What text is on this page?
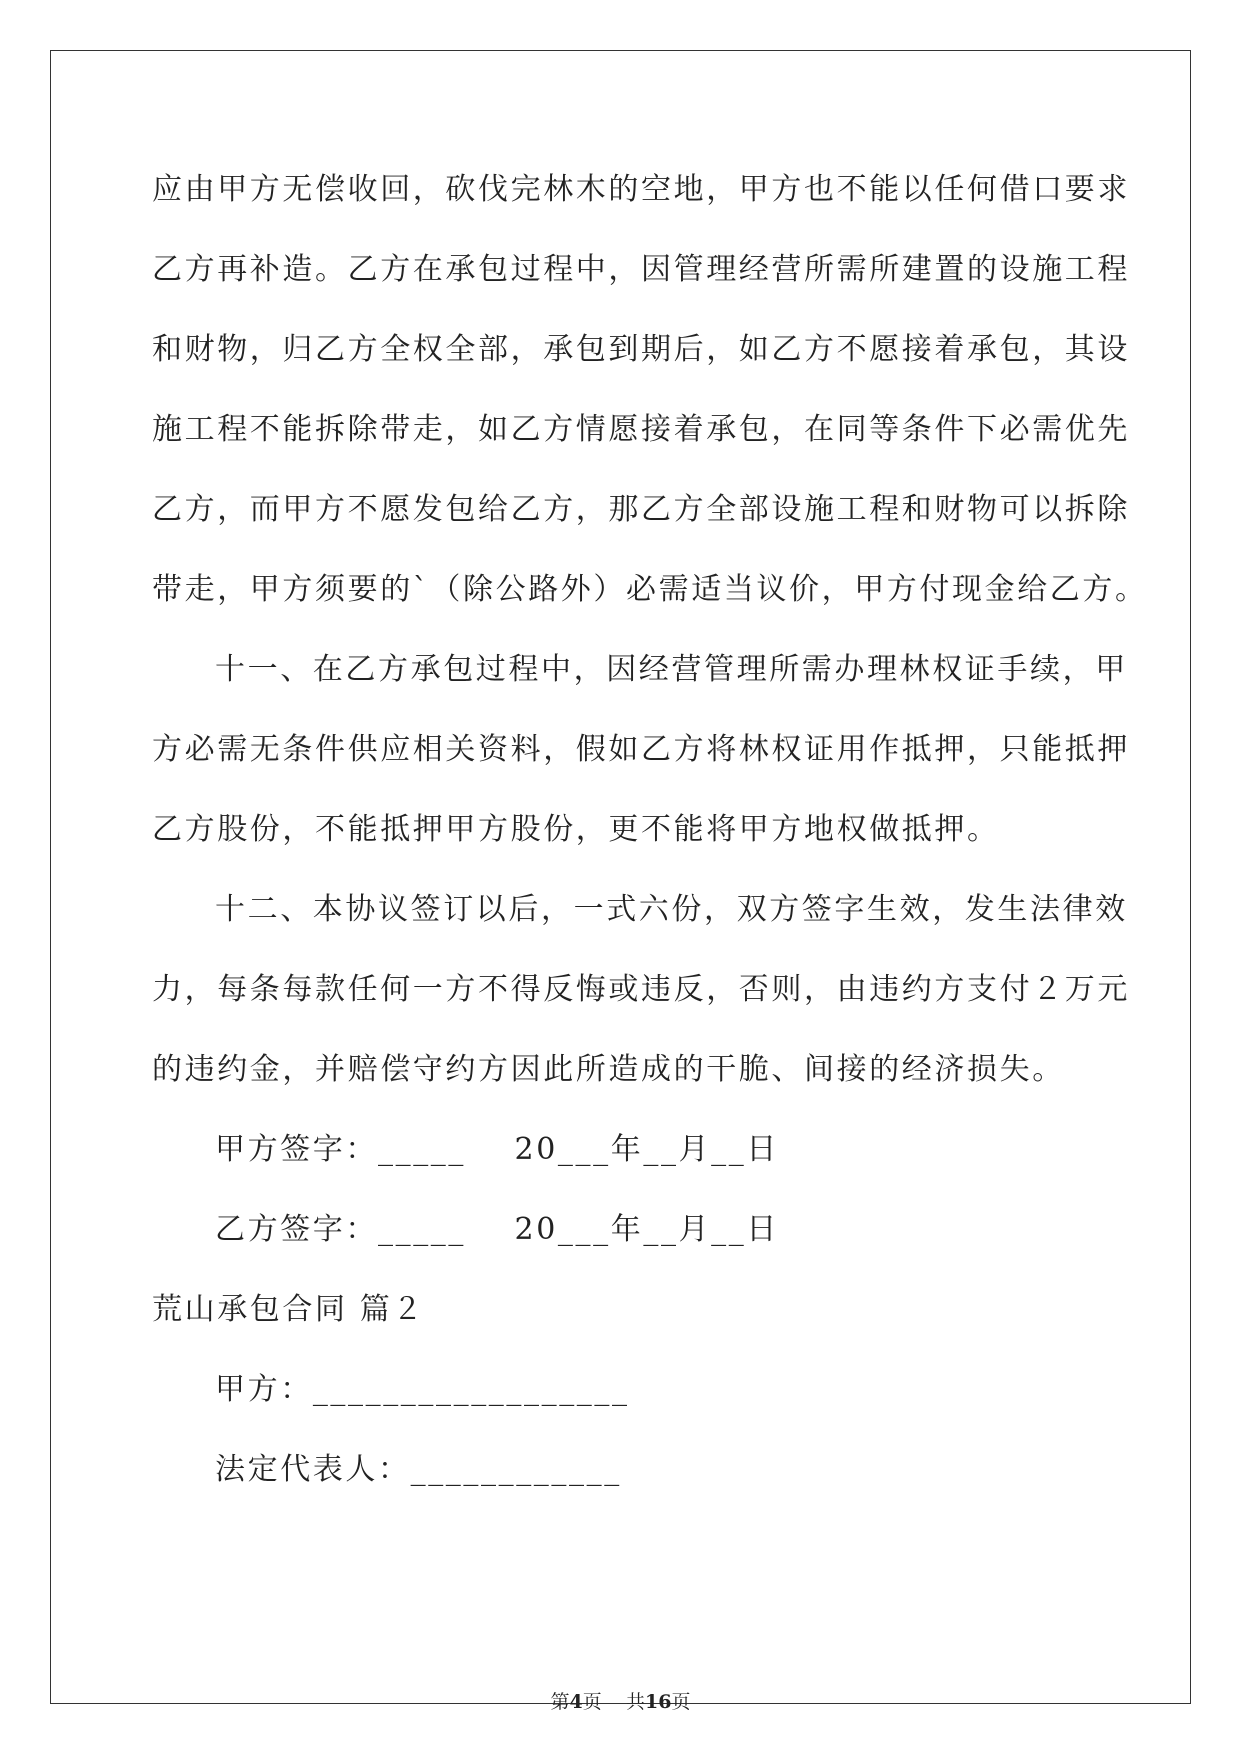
应由甲方无偿收回，砍伐完林木的空地，甲方也不能以任何借口要求
乙方再补造。乙方在承包过程中，因管理经营所需所建置的设施工程
和财物，归乙方全权全部，承包到期后，如乙方不愿接着承包，其设
施工程不能拆除带走，如乙方情愿接着承包，在同等条件下必需优先
乙方，而甲方不愿发包给乙方，那乙方全部设施工程和财物可以拆除
带走，甲方须要的`（除公路外）必需适当议价，甲方付现金给乙方。
十一、在乙方承包过程中，因经营管理所需办理林权证手续，甲
方必需无条件供应相关资料，假如乙方将林权证用作抵押，只能抵押
乙方股份，不能抵押甲方股份，更不能将甲方地权做抵押。
十二、本协议签订以后，一式六份，双方签字生效，发生法律效
力，每条每款任何一方不得反悔或违反，否则，由违约方支付２万元
的违约金，并赔偿守约方因此所造成的干脆、间接的经济损失。
甲方签字：_____ 20___年__月__日
乙方签字：_____ 20___年__月__日
荒山承包合同 篇２
甲方：__________________
法定代表人：____________
第4页 共16页
